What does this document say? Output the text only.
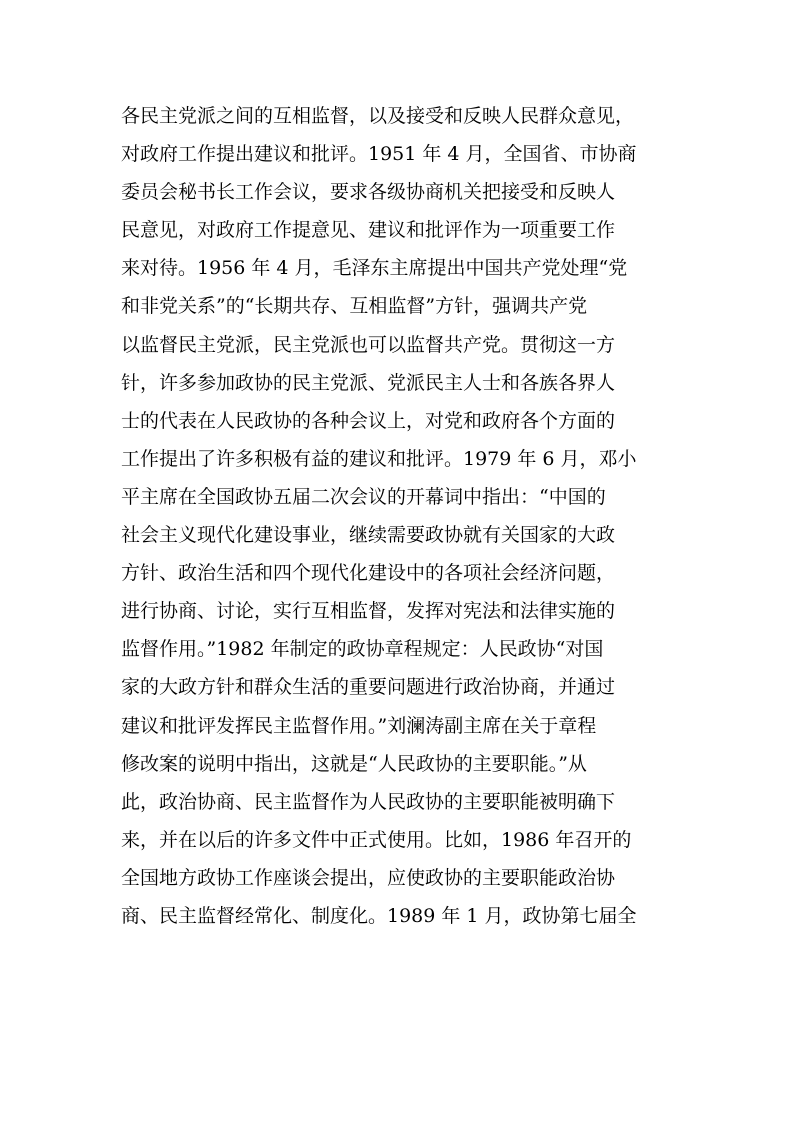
各民主党派之间的互相监督，以及接受和反映人民群众意见，
对政府工作提出建议和批评。1951 年 4 月，全国省、市协商
委员会秘书长工作会议，要求各级协商机关把接受和反映人
民意见，对政府工作提意见、建议和批评作为一项重要工作
来对待。1956 年 4 月，毛泽东主席提出中国共产党处理“党
和非党关系”的“长期共存、互相监督”方针，强调共产党
以监督民主党派，民主党派也可以监督共产党。贯彻这一方
针，许多参加政协的民主党派、党派民主人士和各族各界人
士的代表在人民政协的各种会议上，对党和政府各个方面的
工作提出了许多积极有益的建议和批评。1979 年 6 月，邓小
平主席在全国政协五届二次会议的开幕词中指出：“中国的
社会主义现代化建设事业，继续需要政协就有关国家的大政
方针、政治生活和四个现代化建设中的各项社会经济问题，
进行协商、讨论，实行互相监督，发挥对宪法和法律实施的
监督作用。”1982 年制定的政协章程规定：人民政协“对国
家的大政方针和群众生活的重要问题进行政治协商，并通过
建议和批评发挥民主监督作用。”刘澜涛副主席在关于章程
修改案的说明中指出，这就是“人民政协的主要职能。”从
此，政治协商、民主监督作为人民政协的主要职能被明确下
来，并在以后的许多文件中正式使用。比如，1986 年召开的
全国地方政协工作座谈会提出，应使政协的主要职能政治协
商、民主监督经常化、制度化。1989 年 1 月，政协第七届全
